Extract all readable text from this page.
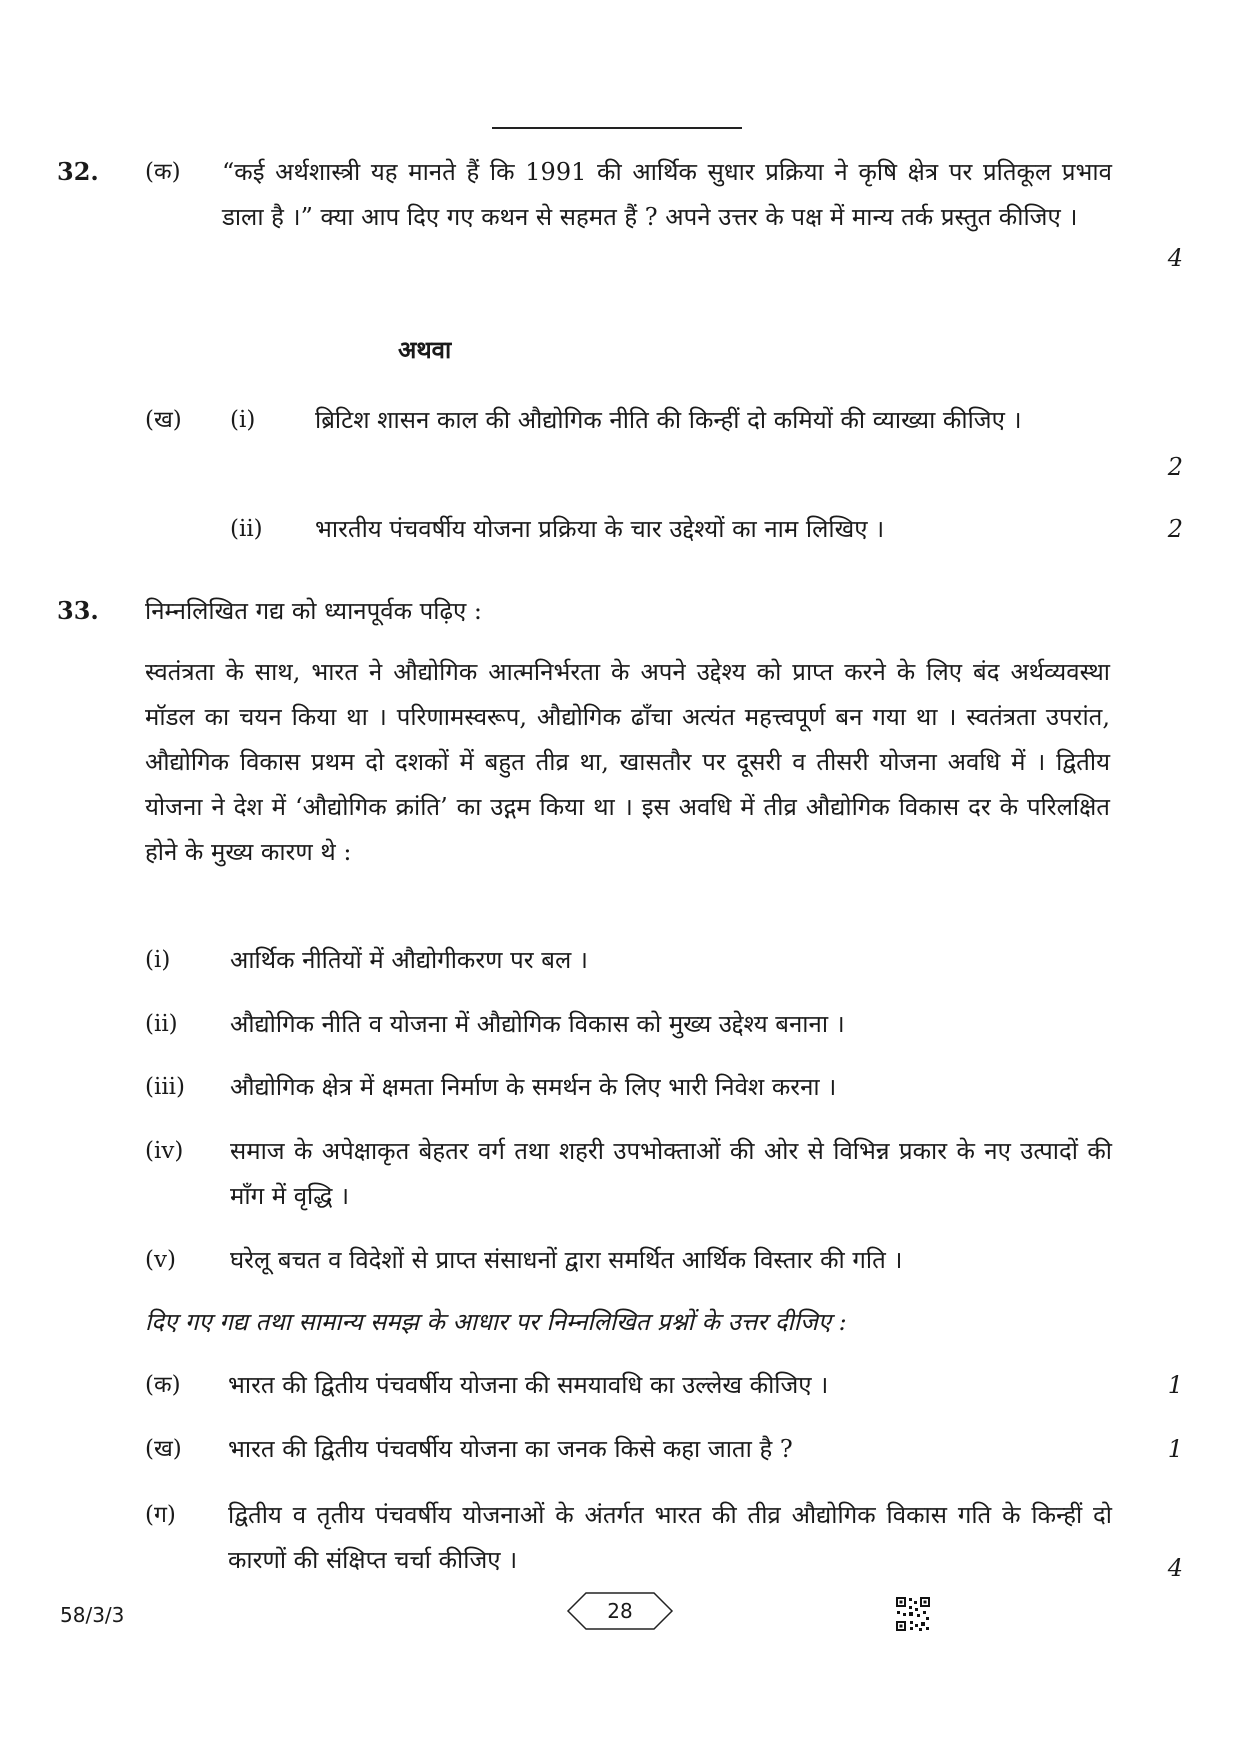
32. (क) “कई अर्थशास्त्री यह मानते हैं कि 1991 की आर्थिक सुधार प्रक्रिया ने कृषि क्षेत्र पर प्रतिकूल प्रभाव डाला है ।” क्या आप दिए गए कथन से सहमत हैं ? अपने उत्तर के पक्ष में मान्य तर्क प्रस्तुत कीजिए ।
4
अथवा
(ख) (i) ब्रिटिश शासन काल की औद्योगिक नीति की किन्हीं दो कमियों की व्याख्या कीजिए ।
2
(ii) भारतीय पंचवर्षीय योजना प्रक्रिया के चार उद्देश्यों का नाम लिखिए ।	2
33. निम्नलिखित गद्य को ध्यानपूर्वक पढ़िए :
स्वतंत्रता के साथ, भारत ने औद्योगिक आत्मनिर्भरता के अपने उद्देश्य को प्राप्त करने के लिए बंद अर्थव्यवस्था मॉडल का चयन किया था । परिणामस्वरूप, औद्योगिक ढाँचा अत्यंत महत्त्वपूर्ण बन गया था । स्वतंत्रता उपरांत, औद्योगिक विकास प्रथम दो दशकों में बहुत तीव्र था, खासतौर पर दूसरी व तीसरी योजना अवधि में । द्वितीय योजना ने देश में ‘औद्योगिक क्रांति’ का उद्गम किया था । इस अवधि में तीव्र औद्योगिक विकास दर के परिलक्षित होने के मुख्य कारण थे :
(i) आर्थिक नीतियों में औद्योगीकरण पर बल ।
(ii) औद्योगिक नीति व योजना में औद्योगिक विकास को मुख्य उद्देश्य बनाना ।
(iii) औद्योगिक क्षेत्र में क्षमता निर्माण के समर्थन के लिए भारी निवेश करना ।
(iv) समाज के अपेक्षाकृत बेहतर वर्ग तथा शहरी उपभोक्ताओं की ओर से विभिन्न प्रकार के नए उत्पादों की माँग में वृद्धि ।
(v) घरेलू बचत व विदेशों से प्राप्त संसाधनों द्वारा समर्थित आर्थिक विस्तार की गति ।
दिए गए गद्य तथा सामान्य समझ के आधार पर निम्नलिखित प्रश्नों के उत्तर दीजिए :
(क) भारत की द्वितीय पंचवर्षीय योजना की समयावधि का उल्लेख कीजिए ।	1
(ख) भारत की द्वितीय पंचवर्षीय योजना का जनक किसे कहा जाता है ?	1
(ग) द्वितीय व तृतीय पंचवर्षीय योजनाओं के अंतर्गत भारत की तीव्र औद्योगिक विकास गति के किन्हीं दो कारणों की संक्षिप्त चर्चा कीजिए ।	4
58/3/3	28
